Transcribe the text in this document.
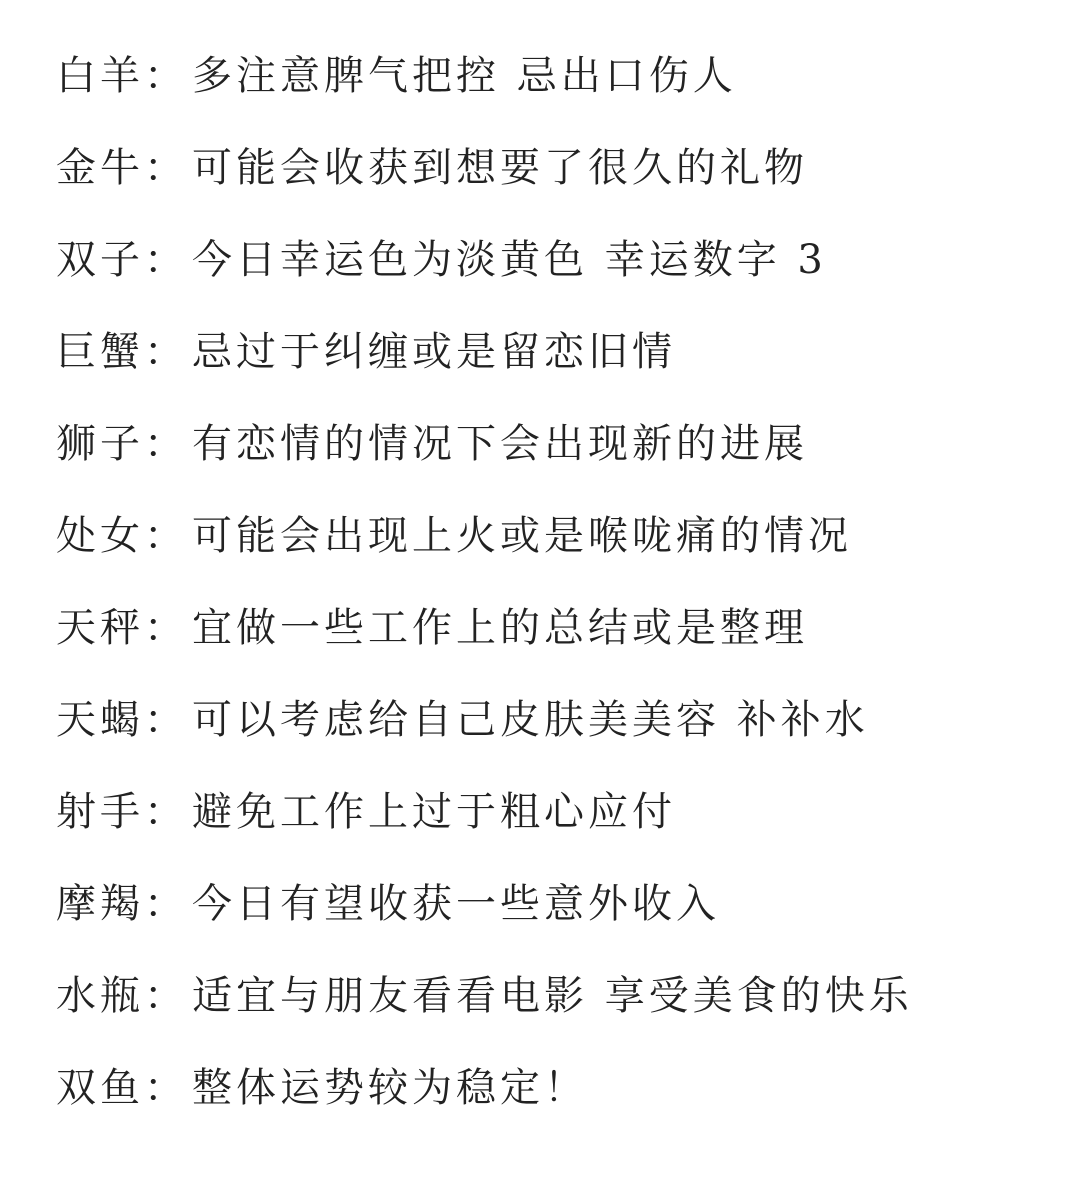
白羊： 多注意脾气把控 忌出口伤人
金牛： 可能会收获到想要了很久的礼物
双子： 今日幸运色为淡黄色 幸运数字 3
巨蟹： 忌过于纠缠或是留恋旧情
狮子： 有恋情的情况下会出现新的进展
处女： 可能会出现上火或是喉咙痛的情况
天秤： 宜做一些工作上的总结或是整理
天蝎： 可以考虑给自己皮肤美美容 补补水
射手： 避免工作上过于粗心应付
摩羯： 今日有望收获一些意外收入
水瓶： 适宜与朋友看看电影 享受美食的快乐
双鱼： 整体运势较为稳定！
